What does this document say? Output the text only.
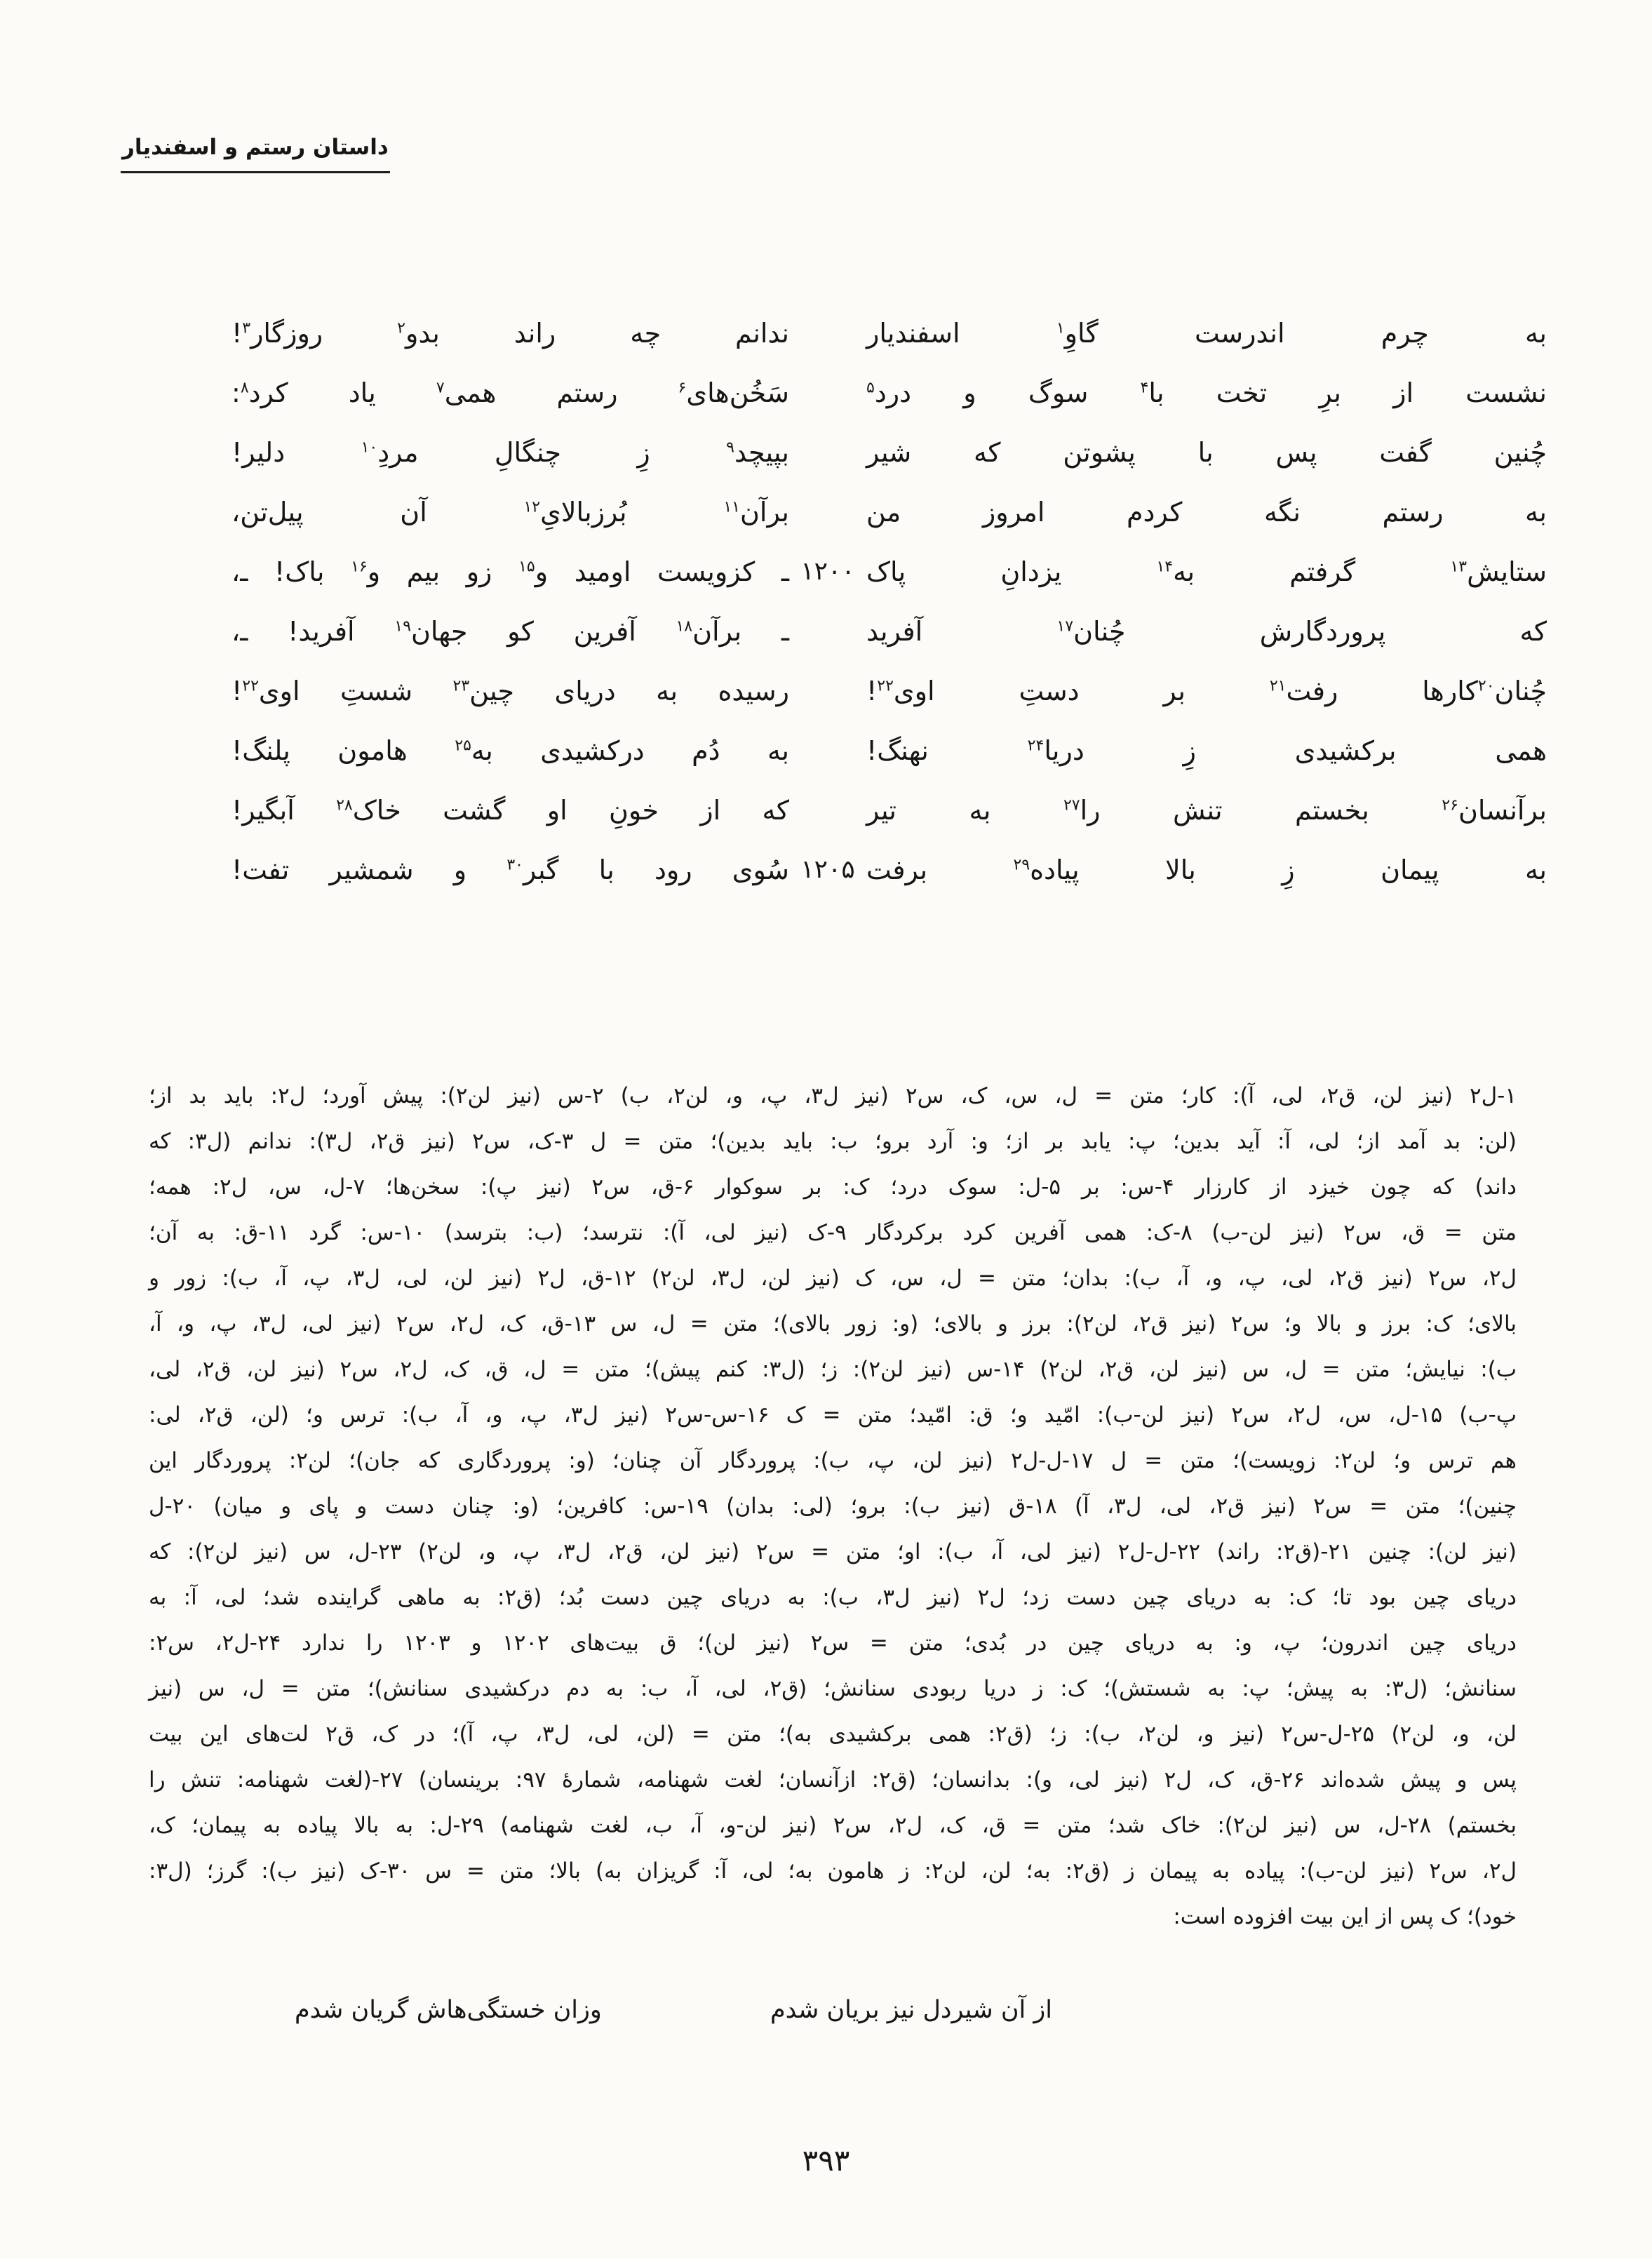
داستان رستم و اسفندیار
به چرم اندرست گاوِ$^۱$ اسفندیار
ندانم چه راند بدو$^۲$ روزگار$^۳$!
نشست از برِ تخت با$^۴$ سوگ و درد$^۵$
سَخُن‌های$^۶$ رستم همی$^۷$ یاد کرد$^۸$:
چُنین گفت پس با پشوتن که شیر
بپیچد$^۹$ زِ چنگالِ مردِ$^{۱۰}$ دلیر!
به رستم نگه کردم امروز من
برآن$^{۱۱}$ بُرزبالایِ$^{۱۲}$ آن پیل‌تن،
ستایش$^{۱۳}$ گرفتم به$^{۱۴}$ یزدانِ پاک
۱۲۰۰
ـ کزویست اومید و$^{۱۵}$ زو بیم و$^{۱۶}$ باک! ـ،
که پروردگارش چُنان$^{۱۷}$ آفرید
ـ برآن$^{۱۸}$ آفرین کو جهان$^{۱۹}$ آفرید! ـ،
چُنان$^{۲۰}$کارها رفت$^{۲۱}$ بر دستِ اوی$^{۲۲}$!
رسیده به دریای چین$^{۲۳}$ شستِ اوی$^{۲۲}$!
همی برکشیدی زِ دریا$^{۲۴}$ نهنگ!
به دُم درکشیدی به$^{۲۵}$ هامون پلنگ!
برآنسان$^{۲۶}$ بخستم تنش را$^{۲۷}$ به تیر
که از خونِ او گشت خاک$^{۲۸}$ آبگیر!
به پیمان زِ بالا پیاده$^{۲۹}$ برفت
۱۲۰۵
سُوی رود با گبر$^{۳۰}$ و شمشیر تفت!
۱-ل۲ (نیز لن، ق۲، لی، آ): کار؛ متن = ل، س، ک، س۲ (نیز ل۳، پ، و، لن۲، ب) ۲-س (نیز لن۲): پیش آورد؛ ل۲: باید بد از؛
(لن: بد آمد از؛ لی، آ: آید بدین؛ پ: یابد بر از؛ و: آرد برو؛ ب: باید بدین)؛ متن = ل ۳-ک، س۲ (نیز ق۲، ل۳): ندانم (ل۳: که
داند) که چون خیزد از کارزار ۴-س: بر ۵-ل: سوک درد؛ ک: بر سوکوار ۶-ق، س۲ (نیز پ): سخن‌ها؛ ۷-ل، س، ل۲: همه؛
متن = ق، س۲ (نیز لن-ب) ۸-ک: همی آفرین کرد برکردگار ۹-ک (نیز لی، آ): نترسد؛ (ب: بترسد) ۱۰-س: گرد ۱۱-ق: به آن؛
ل۲، س۲ (نیز ق۲، لی، پ، و، آ، ب): بدان؛ متن = ل، س، ک (نیز لن، ل۳، لن۲) ۱۲-ق، ل۲ (نیز لن، لی، ل۳، پ، آ، ب): زور و
بالای؛ ک: برز و بالا و؛ س۲ (نیز ق۲، لن۲): برز و بالای؛ (و: زور بالای)؛ متن = ل، س ۱۳-ق، ک، ل۲، س۲ (نیز لی، ل۳، پ، و، آ،
ب): نیایش؛ متن = ل، س (نیز لن، ق۲، لن۲) ۱۴-س (نیز لن۲): ز؛ (ل۳: کنم پیش)؛ متن = ل، ق، ک، ل۲، س۲ (نیز لن، ق۲، لی،
پ-ب) ۱۵-ل، س، ل۲، س۲ (نیز لن-ب): امّید و؛ ق: امّید؛ متن = ک ۱۶-س-س۲ (نیز ل۳، پ، و، آ، ب): ترس و؛ (لن، ق۲، لی:
هم ترس و؛ لن۲: زویست)؛ متن = ل ۱۷-ل-ل۲ (نیز لن، پ، ب): پروردگار آن چنان؛ (و: پروردگاری که جان)؛ لن۲: پروردگار این
چنین)؛ متن = س۲ (نیز ق۲، لی، ل۳، آ) ۱۸-ق (نیز ب): برو؛ (لی: بدان) ۱۹-س: کافرین؛ (و: چنان دست و پای و میان) ۲۰-ل
(نیز لن): چنین ۲۱-(ق۲: راند) ۲۲-ل-ل۲ (نیز لی، آ، ب): او؛ متن = س۲ (نیز لن، ق۲، ل۳، پ، و، لن۲) ۲۳-ل، س (نیز لن۲): که
دریای چین بود تا؛ ک: به دریای چین دست زد؛ ل۲ (نیز ل۳، ب): به دریای چین دست بُد؛ (ق۲: به ماهی گراینده شد؛ لی، آ: به
دریای چین اندرون؛ پ، و: به دریای چین در بُدی؛ متن = س۲ (نیز لن)؛ ق بیت‌های ۱۲۰۲ و ۱۲۰۳ را ندارد ۲۴-ل۲، س۲:
سنانش؛ (ل۳: به پیش؛ پ: به شستش)؛ ک: ز دریا ربودی سنانش؛ (ق۲، لی، آ، ب: به دم درکشیدی سنانش)؛ متن = ل، س (نیز
لن، و، لن۲) ۲۵-ل-س۲ (نیز و، لن۲، ب): ز؛ (ق۲: همی برکشیدی به)؛ متن = (لن، لی، ل۳، پ، آ)؛ در ک، ق۲ لت‌های این بیت
پس و پیش شده‌اند ۲۶-ق، ک، ل۲ (نیز لی، و): بدانسان؛ (ق۲: ازآنسان؛ لغت شهنامه، شمارهٔ ۹۷: برینسان) ۲۷-(لغت شهنامه: تنش را
بخستم) ۲۸-ل، س (نیز لن۲): خاک شد؛ متن = ق، ک، ل۲، س۲ (نیز لن-و، آ، ب، لغت شهنامه) ۲۹-ل: به بالا پیاده به پیمان؛ ک،
ل۲، س۲ (نیز لن-ب): پیاده به پیمان ز (ق۲: به؛ لن، لن۲: ز هامون به؛ لی، آ: گریزان به) بالا؛ متن = س ۳۰-ک (نیز ب): گرز؛ (ل۳:
خود)؛ ک پس از این بیت افزوده است:
از آن شیردل نیز بریان شدم
وزان خستگی‌هاش گریان شدم
۳۹۳
